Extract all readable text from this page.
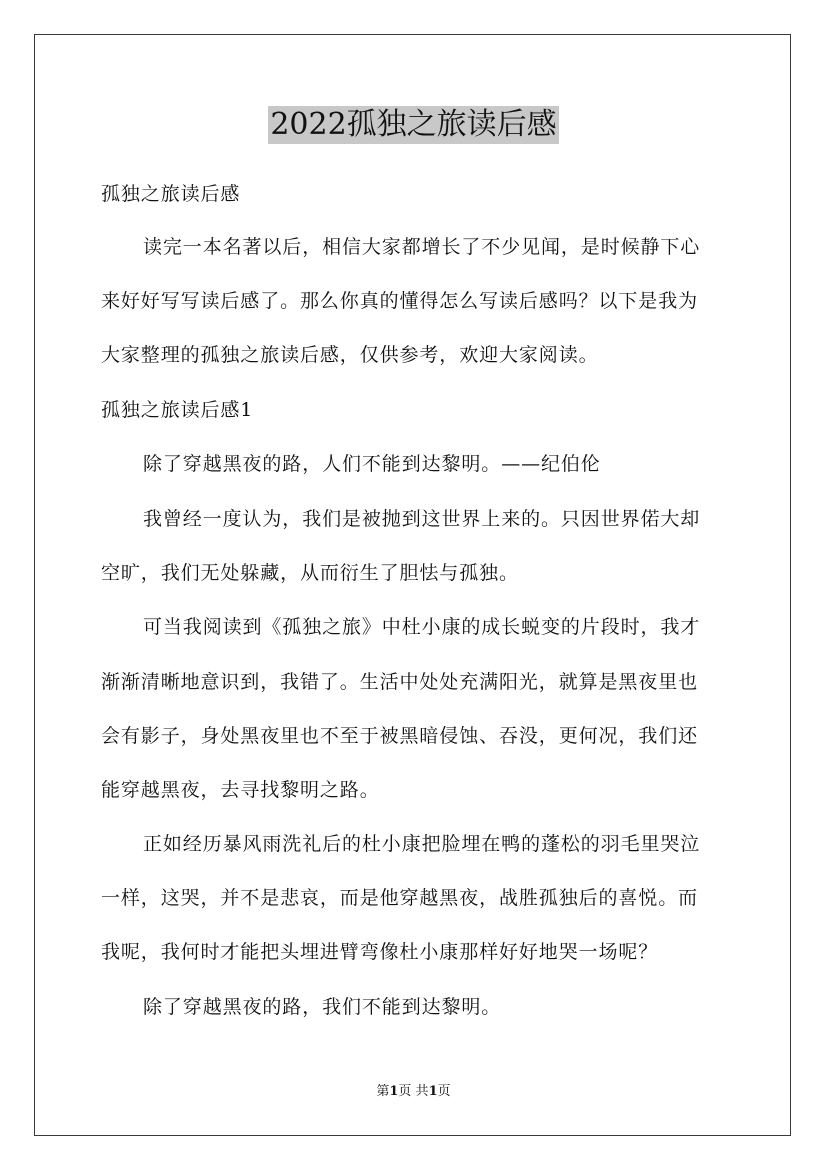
2022孤独之旅读后感

孤独之旅读后感

读完一本名著以后，相信大家都增长了不少见闻，是时候静下心

来好好写写读后感了。那么你真的懂得怎么写读后感吗？以下是我为

大家整理的孤独之旅读后感，仅供参考，欢迎大家阅读。

孤独之旅读后感1

除了穿越黑夜的路，人们不能到达黎明。——纪伯伦

我曾经一度认为，我们是被抛到这世界上来的。只因世界偌大却

空旷，我们无处躲藏，从而衍生了胆怯与孤独。

可当我阅读到《孤独之旅》中杜小康的成长蜕变的片段时，我才

渐渐清晰地意识到，我错了。生活中处处充满阳光，就算是黑夜里也

会有影子，身处黑夜里也不至于被黑暗侵蚀、吞没，更何况，我们还

能穿越黑夜，去寻找黎明之路。

正如经历暴风雨洗礼后的杜小康把脸埋在鸭的蓬松的羽毛里哭泣

一样，这哭，并不是悲哀，而是他穿越黑夜，战胜孤独后的喜悦。而

我呢，我何时才能把头埋进臂弯像杜小康那样好好地哭一场呢？

除了穿越黑夜的路，我们不能到达黎明。

第1页 共1页
